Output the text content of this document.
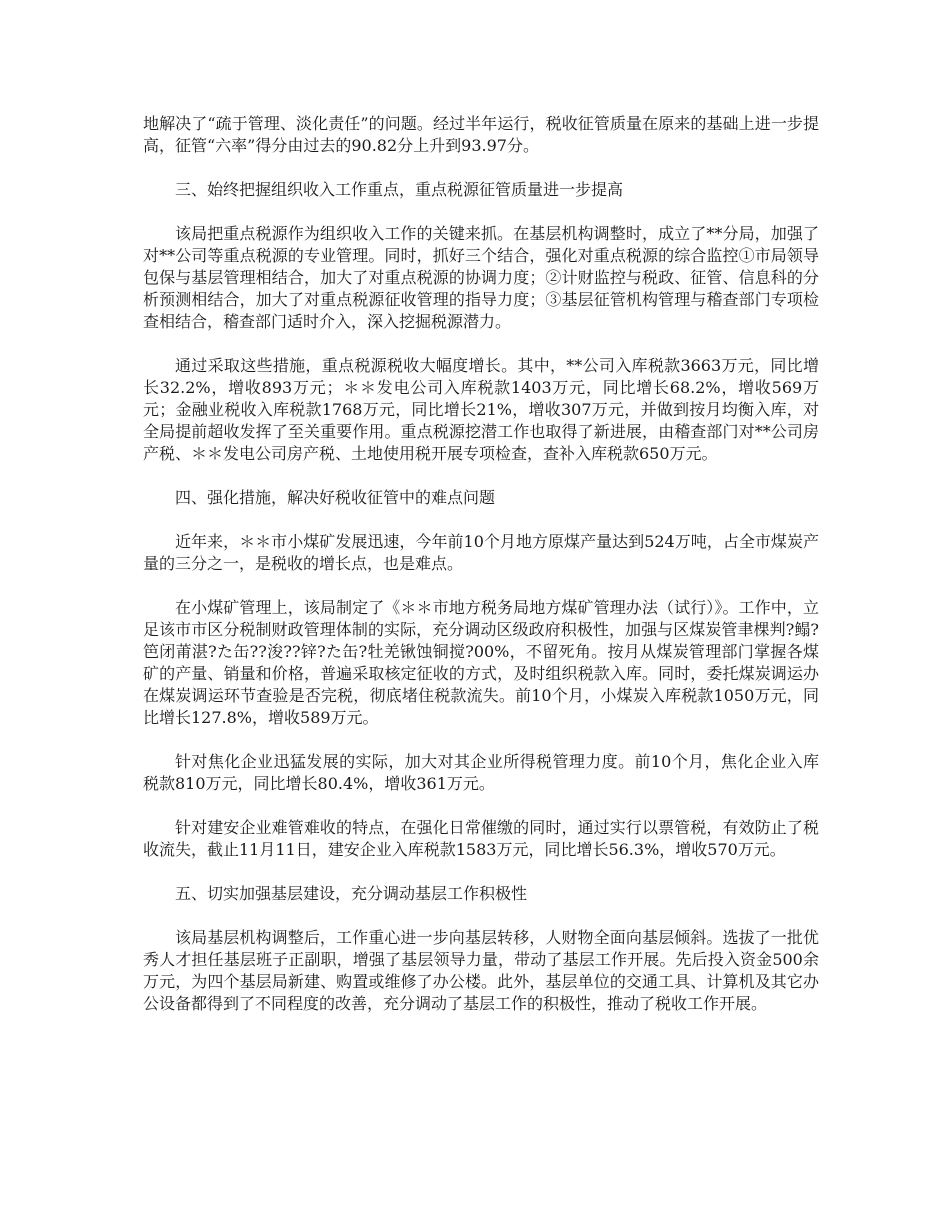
地解决了“疏于管理、淡化责任”的问题。经过半年运行，税收征管质量在原来的基础上进一步提高，征管“六率”得分由过去的90.82分上升到93.97分。

三、始终把握组织收入工作重点，重点税源征管质量进一步提高

该局把重点税源作为组织收入工作的关键来抓。在基层机构调整时，成立了**分局，加强了对**公司等重点税源的专业管理。同时，抓好三个结合，强化对重点税源的综合监控①市局领导包保与基层管理相结合，加大了对重点税源的协调力度；②计财监控与税政、征管、信息科的分析预测相结合，加大了对重点税源征收管理的指导力度；③基层征管机构管理与稽查部门专项检查相结合，稽查部门适时介入，深入挖掘税源潜力。

通过采取这些措施，重点税源税收大幅度增长。其中，**公司入库税款3663万元，同比增长32.2%，增收893万元；＊＊发电公司入库税款1403万元，同比增长68.2%，增收569万元；金融业税收入库税款1768万元，同比增长21%，增收307万元，并做到按月均衡入库，对全局提前超收发挥了至关重要作用。重点税源挖潜工作也取得了新进展，由稽查部门对**公司房产税、＊＊发电公司房产税、土地使用税开展专项检查，查补入库税款650万元。

四、强化措施，解决好税收征管中的难点问题

近年来，＊＊市小煤矿发展迅速，今年前10个月地方原煤产量达到524万吨，占全市煤炭产量的三分之一，是税收的增长点，也是难点。

在小煤矿管理上，该局制定了《＊＊市地方税务局地方煤矿管理办法（试行）》。工作中，立足该市市区分税制财政管理体制的实际，充分调动区级政府积极性，加强与区煤炭管聿棵判?鳎?笆闭莆湛?た缶??浚??锌?た缶?牡羌锹蚀铜搅?00%，不留死角。按月从煤炭管理部门掌握各煤矿的产量、销量和价格，普遍采取核定征收的方式，及时组织税款入库。同时，委托煤炭调运办在煤炭调运环节查验是否完税，彻底堵住税款流失。前10个月，小煤炭入库税款1050万元，同比增长127.8%，增收589万元。

针对焦化企业迅猛发展的实际，加大对其企业所得税管理力度。前10个月，焦化企业入库税款810万元，同比增长80.4%，增收361万元。

针对建安企业难管难收的特点，在强化日常催缴的同时，通过实行以票管税，有效防止了税收流失，截止11月11日，建安企业入库税款1583万元，同比增长56.3%，增收570万元。

五、切实加强基层建设，充分调动基层工作积极性

该局基层机构调整后，工作重心进一步向基层转移，人财物全面向基层倾斜。选拔了一批优秀人才担任基层班子正副职，增强了基层领导力量，带动了基层工作开展。先后投入资金500余万元，为四个基层局新建、购置或维修了办公楼。此外，基层单位的交通工具、计算机及其它办公设备都得到了不同程度的改善，充分调动了基层工作的积极性，推动了税收工作开展。
